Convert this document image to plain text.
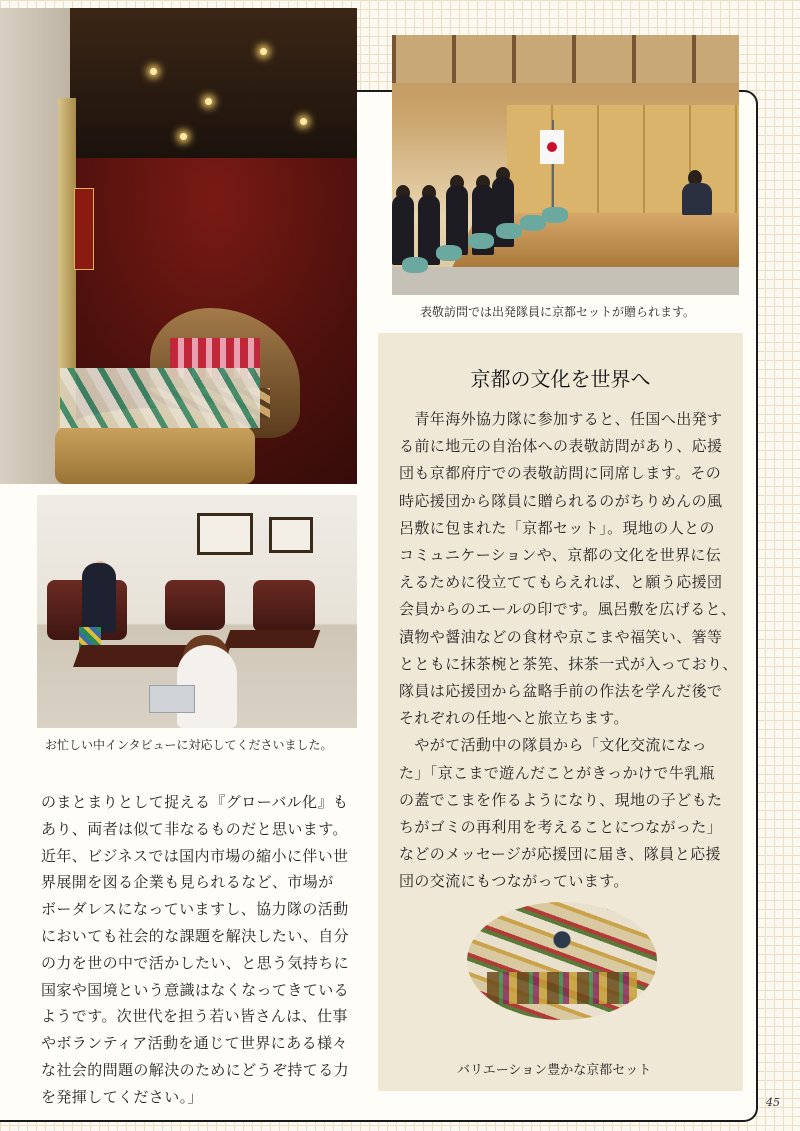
表敬訪問では出発隊員に京都セットが贈られます。
お忙しい中インタビューに対応してくださいました。
京都の文化を世界へ

　青年海外協力隊に参加すると、任国へ出発す
る前に地元の自治体への表敬訪問があり、応援
団も京都府庁での表敬訪問に同席します。その
時応援団から隊員に贈られるのがちりめんの風
呂敷に包まれた「京都セット」。現地の人との
コミュニケーションや、京都の文化を世界に伝
えるために役立ててもらえれば、と願う応援団
会員からのエールの印です。風呂敷を広げると、
漬物や醤油などの食材や京こまや福笑い、箸等
とともに抹茶椀と茶筅、抹茶一式が入っており、
隊員は応援団から盆略手前の作法を学んだ後で
それぞれの任地へと旅立ちます。
　やがて活動中の隊員から「文化交流になっ
た」「京こまで遊んだことがきっかけで牛乳瓶
の蓋でこまを作るようになり、現地の子どもた
ちがゴミの再利用を考えることにつながった」
などのメッセージが応援団に届き、隊員と応援
団の交流にもつながっています。

バリエーション豊かな京都セット

のまとまりとして捉える『グローバル化』も
あり、両者は似て非なるものだと思います。
近年、ビジネスでは国内市場の縮小に伴い世
界展開を図る企業も見られるなど、市場が
ボーダレスになっていますし、協力隊の活動
においても社会的な課題を解決したい、自分
の力を世の中で活かしたい、と思う気持ちに
国家や国境という意識はなくなってきている
ようです。次世代を担う若い皆さんは、仕事
やボランティア活動を通じて世界にある様々
な社会的問題の解決のためにどうぞ持てる力
を発揮してください。」	45
